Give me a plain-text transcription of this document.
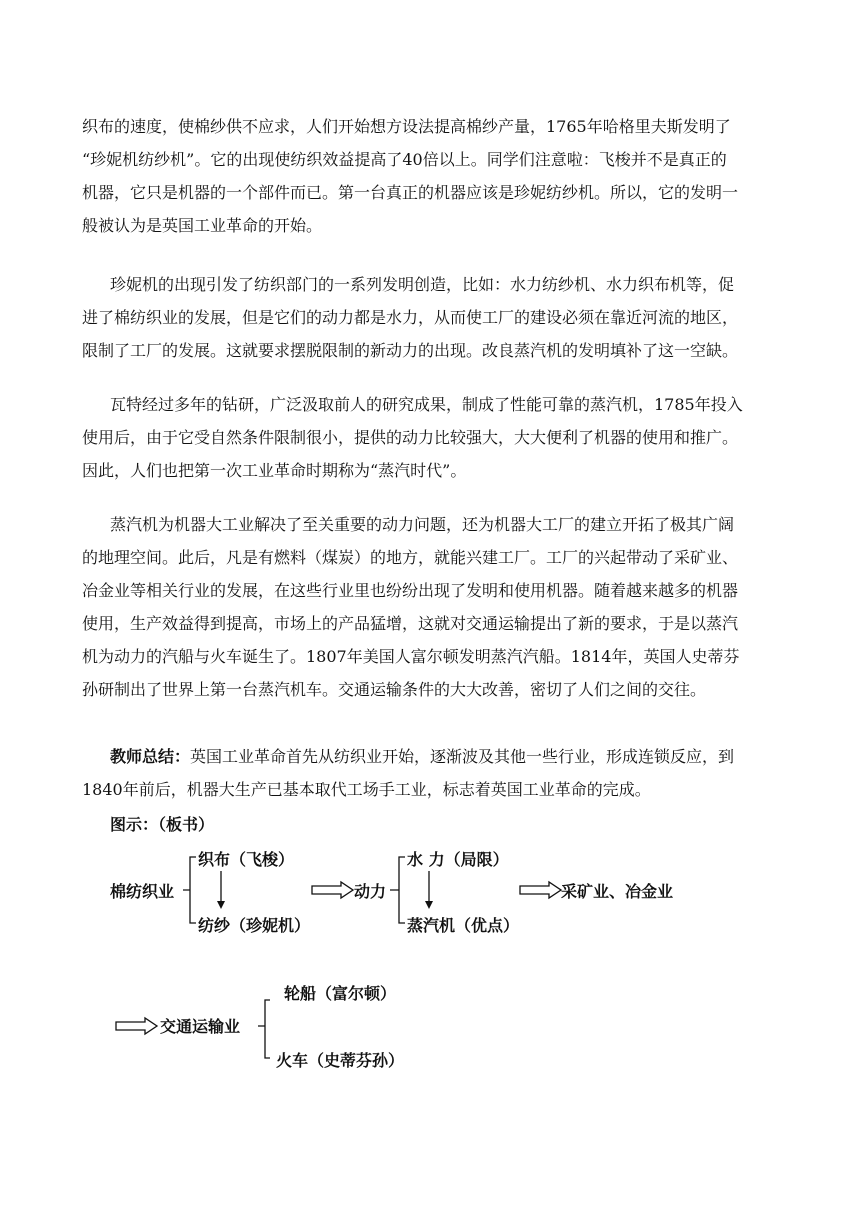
织布的速度，使棉纱供不应求，人们开始想方设法提高棉纱产量，1765年哈格里夫斯发明了
“珍妮机纺纱机”。它的出现使纺织效益提高了40倍以上。同学们注意啦：飞梭并不是真正的
机器，它只是机器的一个部件而已。第一台真正的机器应该是珍妮纺纱机。所以，它的发明一
般被认为是英国工业革命的开始。

珍妮机的出现引发了纺织部门的一系列发明创造，比如：水力纺纱机、水力织布机等，促
进了棉纺织业的发展，但是它们的动力都是水力，从而使工厂的建设必须在靠近河流的地区，
限制了工厂的发展。这就要求摆脱限制的新动力的出现。改良蒸汽机的发明填补了这一空缺。

瓦特经过多年的钻研，广泛汲取前人的研究成果，制成了性能可靠的蒸汽机，1785年投入
使用后，由于它受自然条件限制很小，提供的动力比较强大，大大便利了机器的使用和推广。
因此，人们也把第一次工业革命时期称为“蒸汽时代”。

蒸汽机为机器大工业解决了至关重要的动力问题，还为机器大工厂的建立开拓了极其广阔
的地理空间。此后，凡是有燃料（煤炭）的地方，就能兴建工厂。工厂的兴起带动了采矿业、
冶金业等相关行业的发展，在这些行业里也纷纷出现了发明和使用机器。随着越来越多的机器
使用，生产效益得到提高，市场上的产品猛增，这就对交通运输提出了新的要求，于是以蒸汽
机为动力的汽船与火车诞生了。1807年美国人富尔顿发明蒸汽汽船。1814年，英国人史蒂芬
孙研制出了世界上第一台蒸汽机车。交通运输条件的大大改善，密切了人们之间的交往。

教师总结：英国工业革命首先从纺织业开始，逐渐波及其他一些行业，形成连锁反应，到
1840年前后，机器大生产已基本取代工场手工业，标志着英国工业革命的完成。

图示：（板书）
棉纺织业
织布（飞梭）
纺纱（珍妮机）
动力
水 力（局限）
蒸汽机（优点）
采矿业、冶金业
交通运输业
轮船（富尔顿）
火车（史蒂芬孙）
